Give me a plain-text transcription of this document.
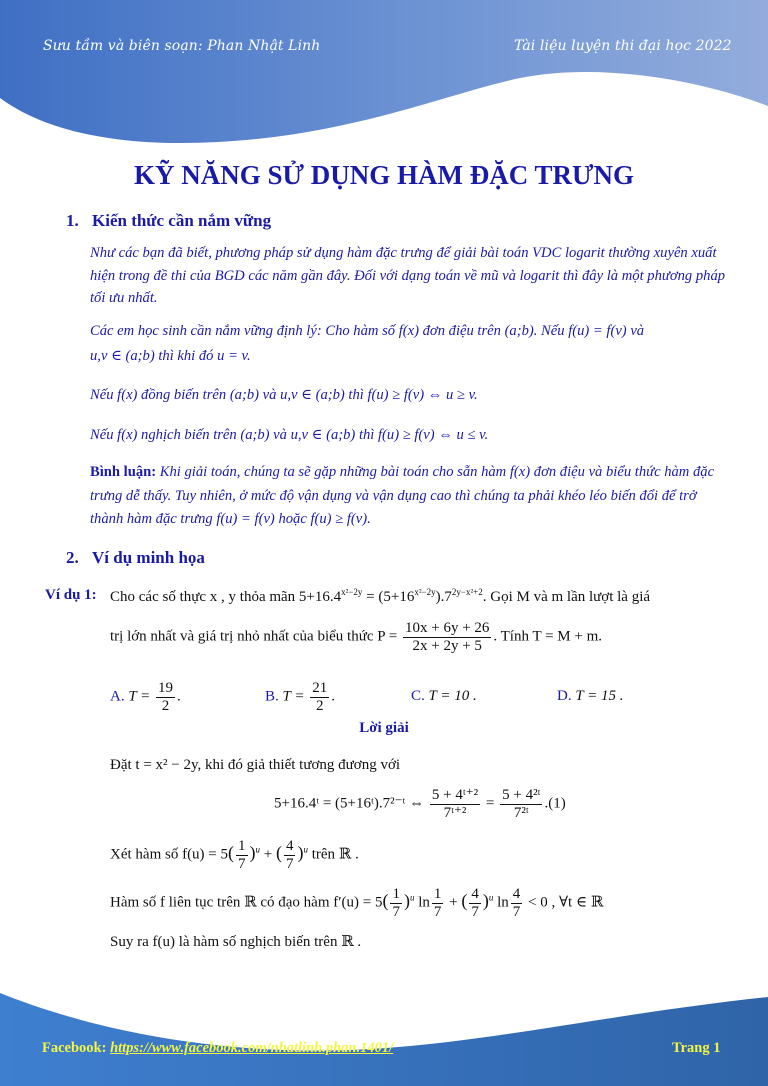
Sưu tầm và biên soạn: Phan Nhật Linh	Tài liệu luyện thi đại học 2022
KỸ NĂNG SỬ DỤNG HÀM ĐẶC TRƯNG
1. Kiến thức cần nắm vững
Như các bạn đã biết, phương pháp sử dụng hàm đặc trưng để giải bài toán VDC logarit thường xuyên xuất hiện trong đề thi của BGD các năm gần đây. Đối với dạng toán về mũ và logarit thì đây là một phương pháp tối ưu nhất.
Các em học sinh cần nắm vững định lý: Cho hàm số f(x) đơn điệu trên (a;b). Nếu f(u) = f(v) và
u,v ∈ (a;b) thì khi đó u = v.
Nếu f(x) đồng biến trên (a;b) và u,v ∈ (a;b) thì f(u) ≥ f(v) ⇔ u ≥ v.
Nếu f(x) nghịch biến trên (a;b) và u,v ∈ (a;b) thì f(u) ≥ f(v) ⇔ u ≤ v.
Bình luận: Khi giải toán, chúng ta sẽ gặp những bài toán cho sẵn hàm f(x) đơn điệu và biểu thức hàm đặc trưng dễ thấy. Tuy nhiên, ở mức độ vận dụng và vận dụng cao thì chúng ta phải khéo léo biến đổi để trở thành hàm đặc trưng f(u) = f(v) hoặc f(u) ≥ f(v).
2. Ví dụ minh họa
Ví dụ 1: Cho các số thực x , y thỏa mãn $5+16.4^{x^2-2y} = (5+16^{x^2-2y}).7^{2y-x^2+2}$. Gọi M và m lần lượt là giá
trị lớn nhất và giá trị nhỏ nhất của biểu thức $P = \frac{10x + 6y + 26}{2x + 2y + 5}$ . Tính T = M + m.
A. $T = \frac{19}{2}$ .	B. $T = \frac{21}{2}$ .	C. T = 10 .	D. T = 15 .
Lời giải
Đặt t = x² − 2y, khi đó giả thiết tương đương với
5+16.4ᵗ = (5+16ᵗ).7²⁻ᵗ ⇔ $\frac{\text{5 + 4ᵗ⁺²}}{\text{7ᵗ⁺²}} = \frac{\text{5 + 4²ᵗ}}{\text{7²ᵗ}} .(1)$
Xét hàm số $f(u) = 5( \frac{1}{7} )^u$ + ( $\frac{4}{7} )^u$ trên ℝ .
Hàm số f liên tục trên ℝ có đạo hàm $f'(u) = 5( \frac{1}{7} )^u$ $\ln \frac{1}{7}$ + ( $\frac{4}{7} )^u$ $\ln \frac{4}{7} < 0$ , ∀t ∈ ℝ
Suy ra f(u) là hàm số nghịch biến trên ℝ .
Facebook: https://www.facebook.com/nhatlinh.phan.1401/	Trang 1
